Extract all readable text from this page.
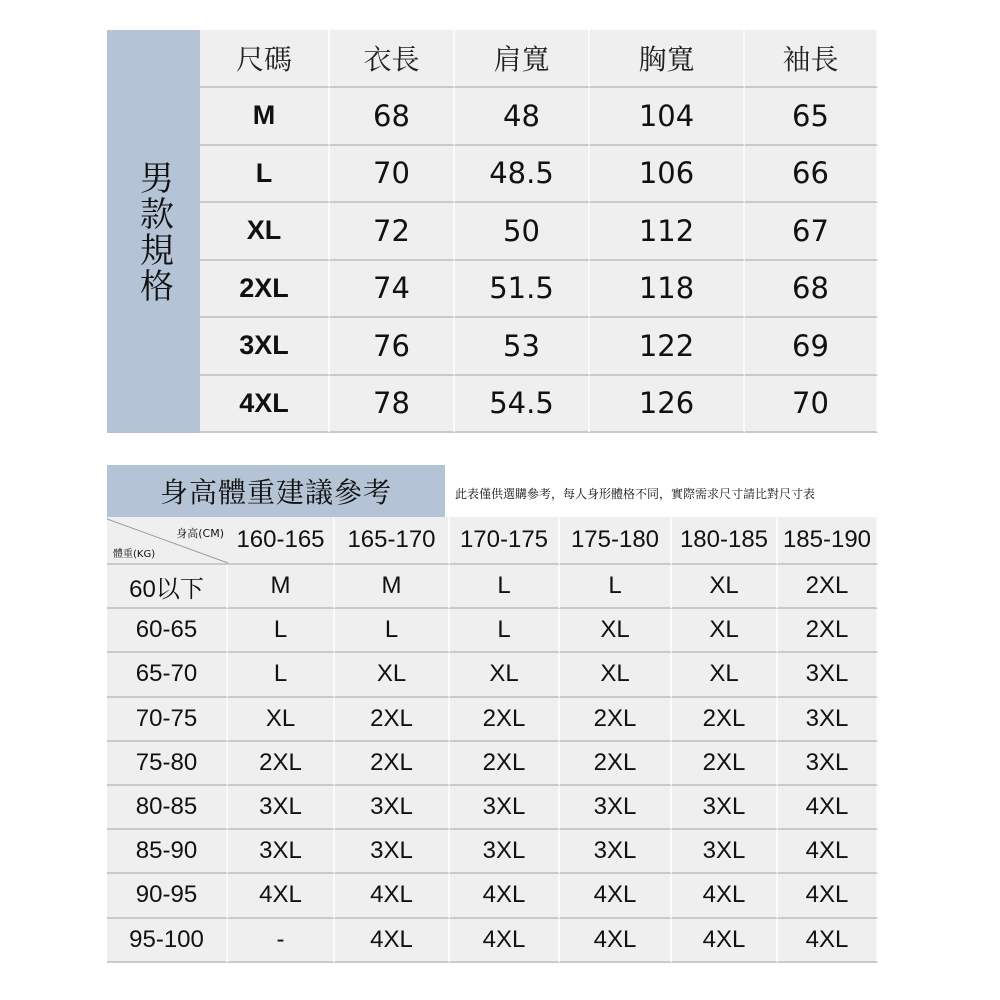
男款規格
尺碼	衣長	肩寬	胸寬	袖長
M	68	48	104	65
L	70	48.5	106	66
XL	72	50	112	67
2XL	74	51.5	118	68
3XL	76	53	122	69
4XL	78	54.5	126	70
身高體重建議參考	此表僅供選購參考，每人身形體格不同，實際需求尺寸請比對尺寸表
身高(CM)
體重(KG)
160-165 165-170	170-175 175-180 180-185 185-190
60以下	M	M	L	L	XL	2XL
60-65	L	L	L	XL	XL	2XL
65-70	L	XL	XL	XL	XL	3XL
70-75	XL	2XL	2XL	2XL	2XL	3XL
75-80	2XL	2XL	2XL	2XL	2XL	3XL
80-85	3XL	3XL	3XL	3XL	3XL	4XL
85-90	3XL	3XL	3XL	3XL	3XL	4XL
90-95	4XL	4XL	4XL	4XL	4XL	4XL
95-100	-	4XL	4XL	4XL	4XL	4XL
